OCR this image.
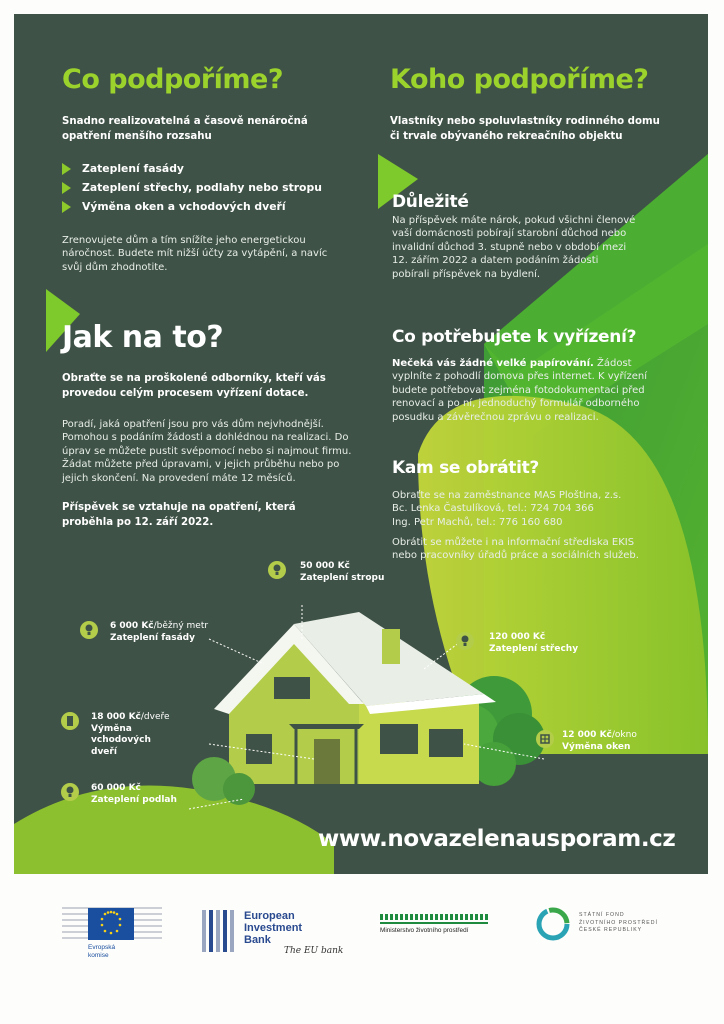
Co podpoříme?
Snadno realizovatelná a časově nenáročná opatření menšího rozsahu
Zateplení fasády
Zateplení střechy, podlahy nebo stropu
Výměna oken a vchodových dveří
Zrenovujete dům a tím snížíte jeho energetickou náročnost. Budete mít nižší účty za vytápění, a navíc svůj dům zhodnotite.
Jak na to?
Obraťte se na proškolené odborníky, kteří vás provedou celým procesem vyřízení dotace.
Poradí, jaká opatření jsou pro vás dům nejvhodnější. Pomohou s podáním žádosti a dohlédnou na realizaci. Do úprav se můžete pustit svépomocí nebo si najmout firmu. Žádat můžete před úpravami, v jejich průběhu nebo po jejich skončení. Na provedení máte 12 měsíců.
Příspěvek se vztahuje na opatření, která proběhla po 12. září 2022.
Koho podpoříme?
Vlastníky nebo spoluvlastníky rodinného domu či trvale obývaného rekreačního objektu
Důležité
Na příspěvek máte nárok, pokud všichni členové vaší domácnosti pobírají starobní důchod nebo invalidní důchod 3. stupně nebo v období mezi 12. zářím 2022 a datem podáním žádosti pobírali příspěvek na bydlení.
Co potřebujete k vyřízení?
Nečeká vás žádné velké papírování. Žádost vyplníte z pohodlí domova přes internet. K vyřízení budete potřebovat zejména fotodokumentaci před renovací a po ní, jednoduchý formulář odborného posudku a závěrečnou zprávu o realizaci.
Kam se obrátit?
Obraťte se na zaměstnance MAS Ploština, z.s.
Bc. Lenka Častulíková, tel.: 724 704 366
Ing. Petr Machů, tel.: 776 160 680
Obrátit se můžete i na informační střediska EKIS nebo pracovníky úřadů práce a sociálních služeb.
50 000 Kč
Zateplení stropu
6 000 Kč/běžný metr
Zateplení fasády	120 000 Kč
Zateplení střechy
18 000 Kč/dveře
Výměna vchodových dveří
12 000 Kč/okno
Výměna oken
60 000 Kč
Zateplení podlah
www.novazelenausporam.cz
Evropská
komise
European
Investment
Bank
The EU bank
Ministerstvo životního prostředí
STÁTNÍ FOND
ŽIVOTNÍHO PROSTŘEDÍ
ČESKÉ REPUBLIKY
